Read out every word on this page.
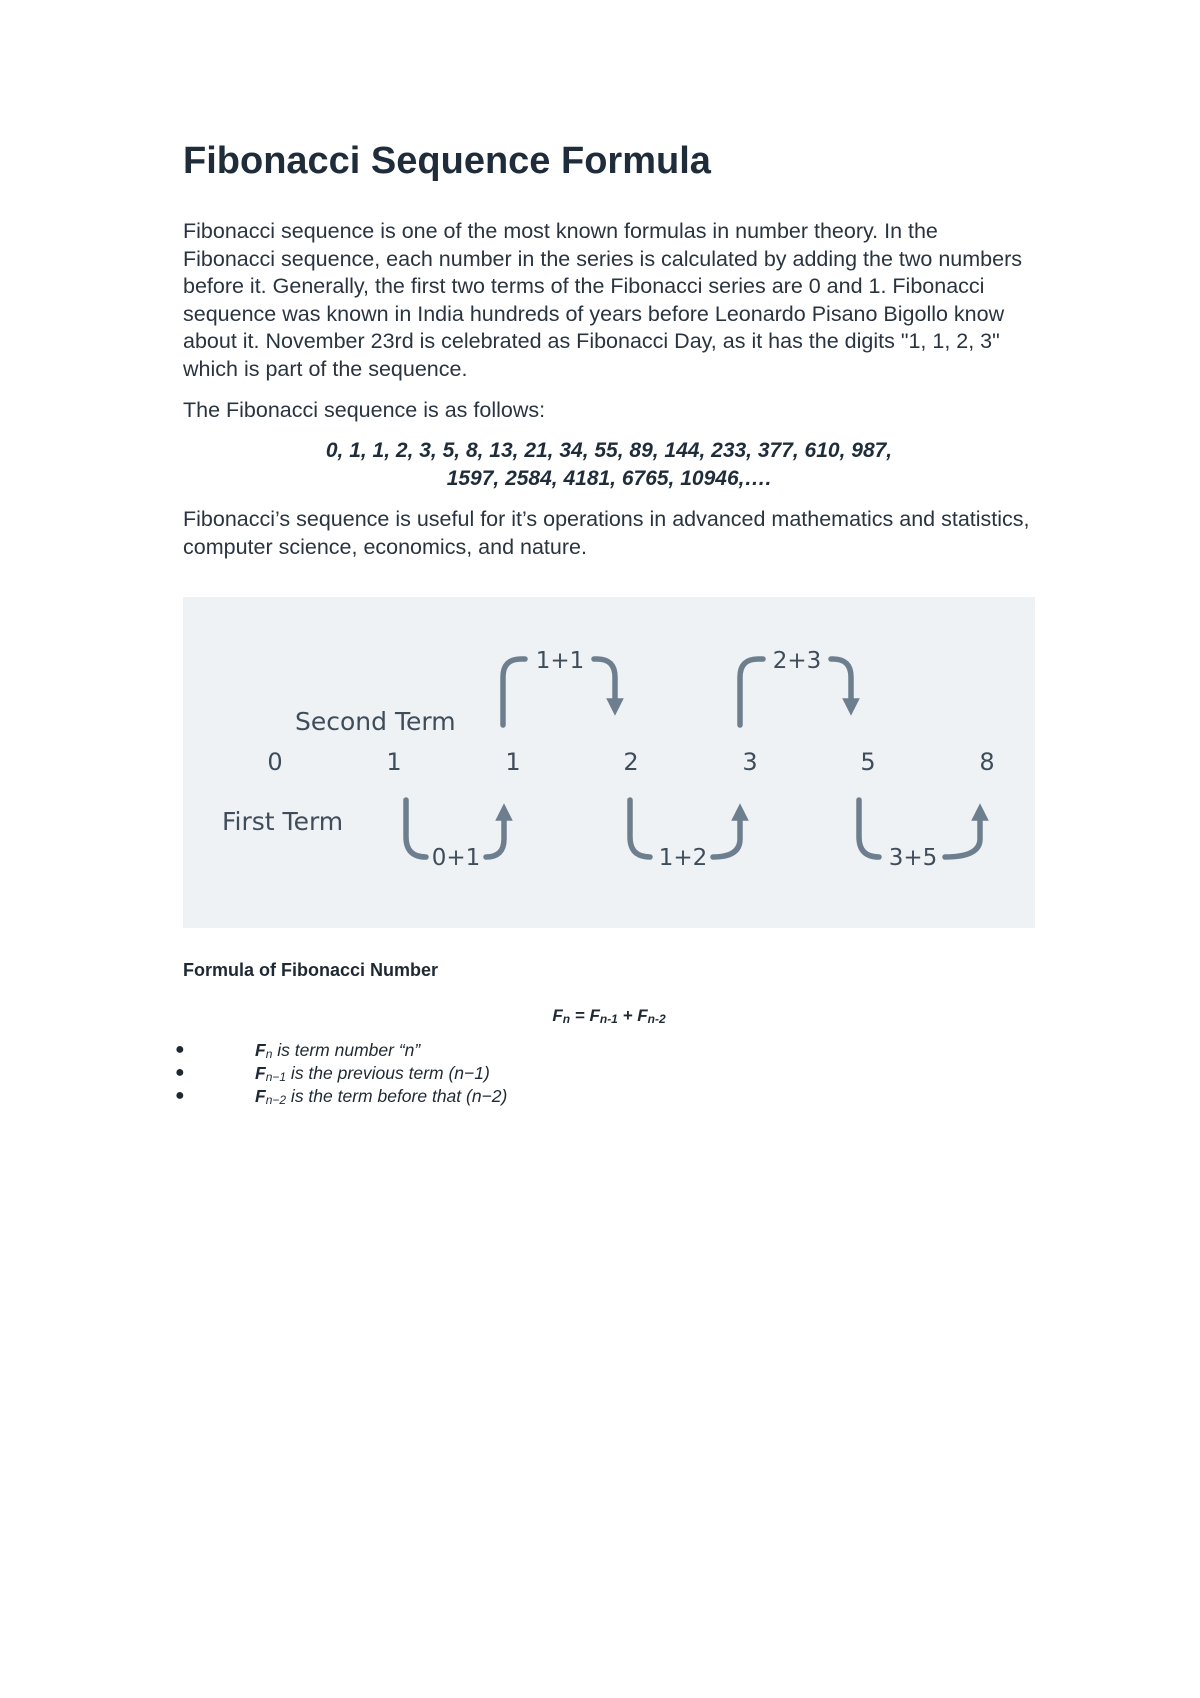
Fibonacci Sequence Formula

Fibonacci sequence is one of the most known formulas in number theory. In the Fibonacci sequence, each number in the series is calculated by adding the two numbers before it. Generally, the first two terms of the Fibonacci series are 0 and 1. Fibonacci sequence was known in India hundreds of years before Leonardo Pisano Bigollo know about it. November 23rd is celebrated as Fibonacci Day, as it has the digits "1, 1, 2, 3" which is part of the sequence.

The Fibonacci sequence is as follows:

0, 1, 1, 2, 3, 5, 8, 13, 21, 34, 55, 89, 144, 233, 377, 610, 987,
1597, 2584, 4181, 6765, 10946,….

Fibonacci’s sequence is useful for it’s operations in advanced mathematics and statistics, computer science, economics, and nature.

Formula of Fibonacci Number

$F_n = F_{n-1} + F_{n-2}$
●	$F_n$ is term number “n”
●	$F_{n-1}$ is the previous term (n−1)
●	$F_{n-2}$ is the term before that (n−2)
Second Term
First Term
0	1	1	2	3	5	8
1+1	2+3
0+1	1+2	3+5
